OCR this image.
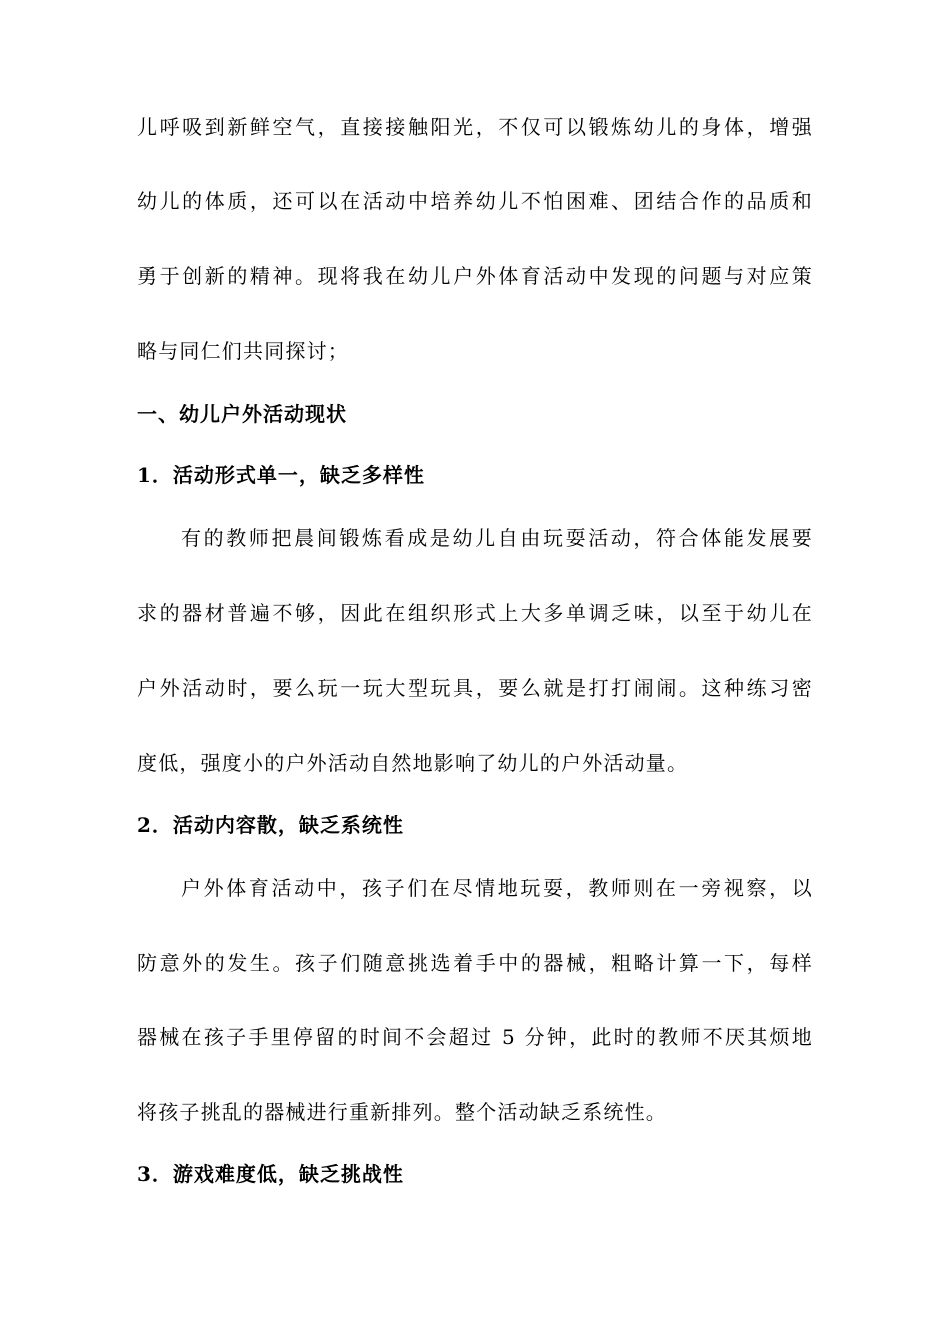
儿呼吸到新鲜空气，直接接触阳光，不仅可以锻炼幼儿的身体，增强
幼儿的体质，还可以在活动中培养幼儿不怕困难、团结合作的品质和
勇于创新的精神。现将我在幼儿户外体育活动中发现的问题与对应策
略与同仁们共同探讨；
一、幼儿户外活动现状
1．活动形式单一，缺乏多样性
有的教师把晨间锻炼看成是幼儿自由玩耍活动，符合体能发展要
求的器材普遍不够，因此在组织形式上大多单调乏味，以至于幼儿在
户外活动时，要么玩一玩大型玩具，要么就是打打闹闹。这种练习密
度低，强度小的户外活动自然地影响了幼儿的户外活动量。
2．活动内容散，缺乏系统性
户外体育活动中，孩子们在尽情地玩耍，教师则在一旁视察，以
防意外的发生。孩子们随意挑选着手中的器械，粗略计算一下，每样
器械在孩子手里停留的时间不会超过 5 分钟，此时的教师不厌其烦地
将孩子挑乱的器械进行重新排列。整个活动缺乏系统性。
3．游戏难度低，缺乏挑战性
